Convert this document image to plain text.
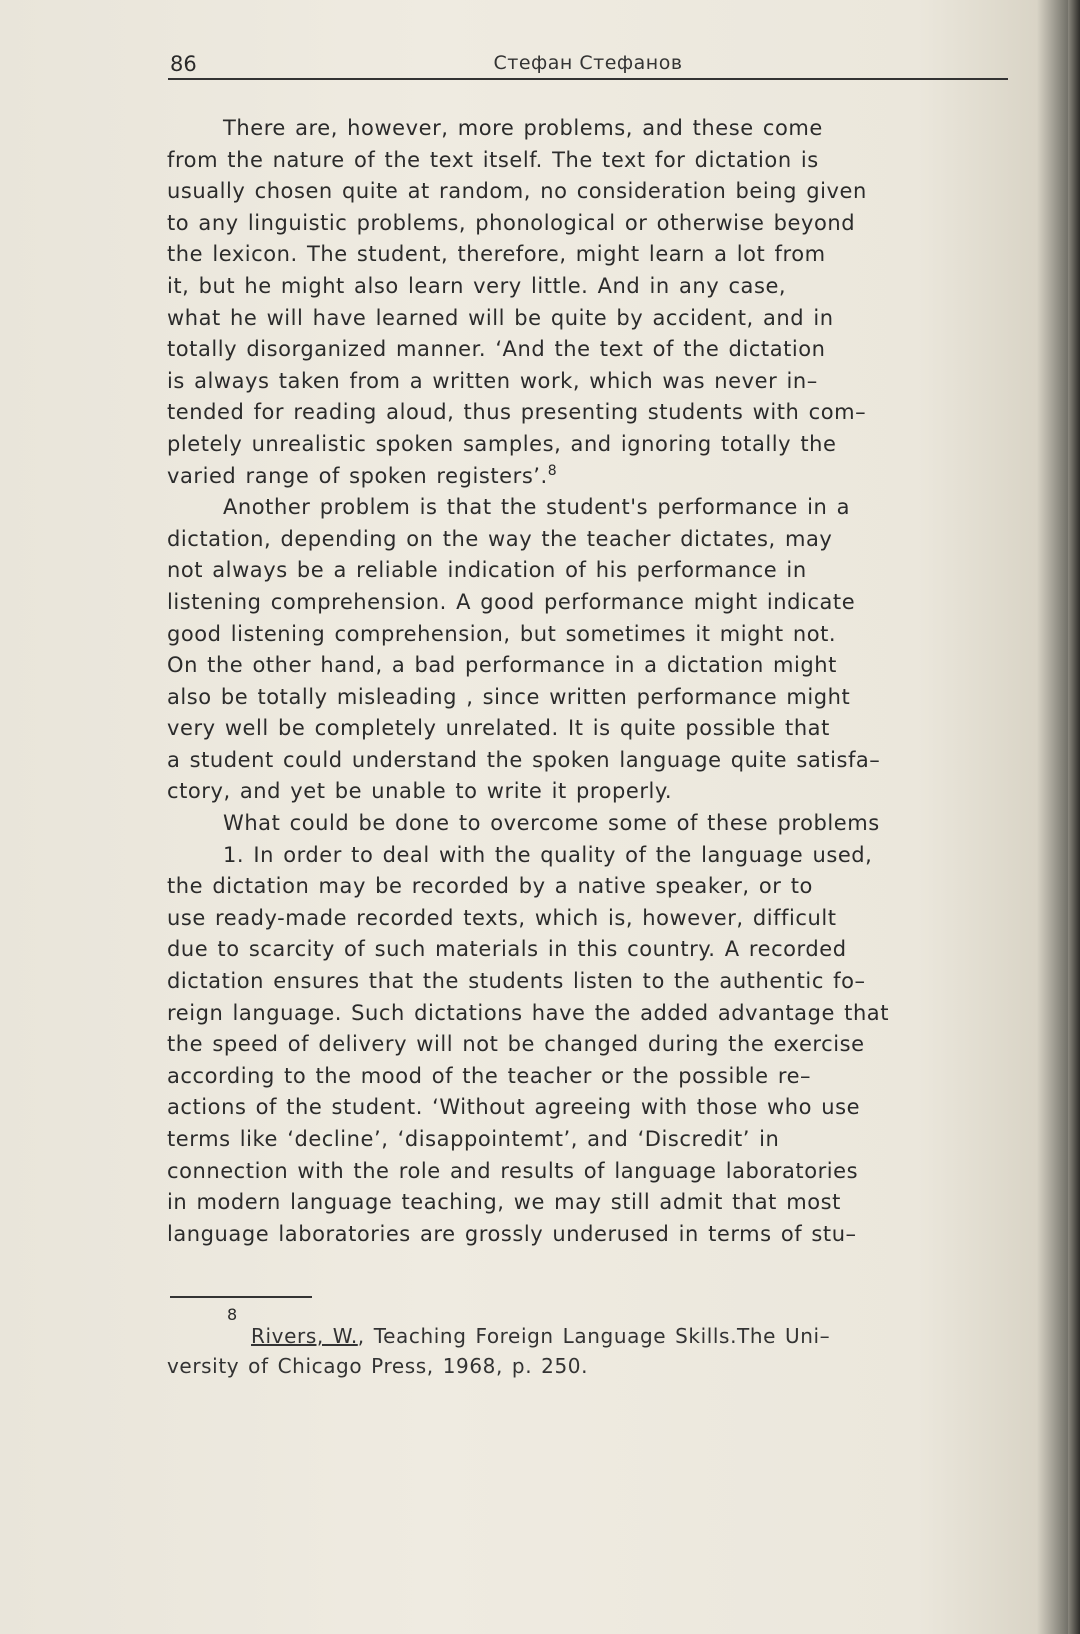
86	Стефан Стефанов
There are, however, more problems, and these come
from the nature of the text itself. The text for dictation is
usually chosen quite at random, no consideration being given
to any linguistic problems, phonological or otherwise beyond
the lexicon. The student, therefore, might learn a lot from
it, but he might also learn very little. And in any case,
what he will have learned will be quite by accident, and in
totally disorganized manner. ‘And the text of the dictation
is always taken from a written work, which was never in–
tended for reading aloud, thus presenting students with com–
pletely unrealistic spoken samples, and ignoring totally the
varied range of spoken registers’.$^8$
Another problem is that the student's performance in a
dictation, depending on the way the teacher dictates, may
not always be a reliable indication of his performance in
listening comprehension. A good performance might indicate
good listening comprehension, but sometimes it might not.
On the other hand, a bad performance in a dictation might
also be totally misleading , since written performance might
very well be completely unrelated. It is quite possible that
a student could understand the spoken language quite satisfa–
ctory, and yet be unable to write it properly.
What could be done to overcome some of these problems
1. In order to deal with the quality of the language used,
the dictation may be recorded by a native speaker, or to
use ready-made recorded texts, which is, however, difficult
due to scarcity of such materials in this country. A recorded
dictation ensures that the students listen to the authentic fo–
reign language. Such dictations have the added advantage that
the speed of delivery will not be changed during the exercise
according to the mood of the teacher or the possible re–
actions of the student. ‘Without agreeing with those who use
terms like ‘decline’, ‘disappointemt’, and ‘Discredit’ in
connection with the role and results of language laboratories
in modern language teaching, we may still admit that most
language laboratories are grossly underused in terms of stu–
8
Rivers, W., Teaching Foreign Language Skills.The Uni–
versity of Chicago Press, 1968, p. 250.
